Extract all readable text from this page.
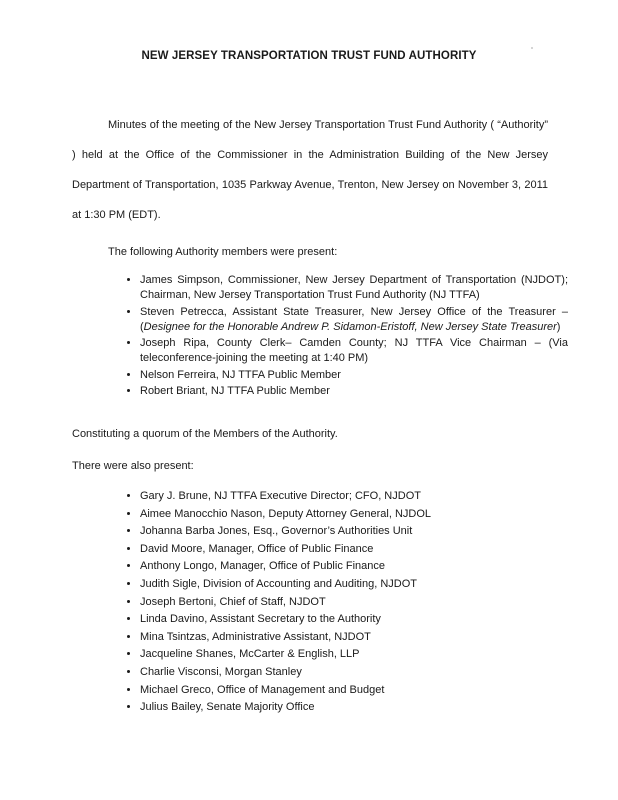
NEW JERSEY TRANSPORTATION TRUST FUND AUTHORITY

Minutes of the meeting of the New Jersey Transportation Trust Fund Authority ( “Authority” ) held at the Office of the Commissioner in the Administration Building of the New Jersey Department of Transportation, 1035 Parkway Avenue, Trenton, New Jersey on November 3, 2011 at 1:30 PM (EDT).

The following Authority members were present:

• James Simpson, Commissioner, New Jersey Department of Transportation (NJDOT); Chairman, New Jersey Transportation Trust Fund Authority (NJ TTFA)
• Steven Petrecca, Assistant State Treasurer, New Jersey Office of the Treasurer – (Designee for the Honorable Andrew P. Sidamon-Eristoff, New Jersey State Treasurer)
• Joseph Ripa, County Clerk– Camden County; NJ TTFA Vice Chairman – (Via teleconference-joining the meeting at 1:40 PM)
• Nelson Ferreira, NJ TTFA Public Member
• Robert Briant, NJ TTFA Public Member

Constituting a quorum of the Members of the Authority.

There were also present:

• Gary J. Brune, NJ TTFA Executive Director; CFO, NJDOT
• Aimee Manocchio Nason, Deputy Attorney General, NJDOL
• Johanna Barba Jones, Esq., Governor’s Authorities Unit
• David Moore, Manager, Office of Public Finance
• Anthony Longo, Manager, Office of Public Finance
• Judith Sigle, Division of Accounting and Auditing, NJDOT
• Joseph Bertoni, Chief of Staff, NJDOT
• Linda Davino, Assistant Secretary to the Authority
• Mina Tsintzas, Administrative Assistant, NJDOT
• Jacqueline Shanes, McCarter & English, LLP
• Charlie Visconsi, Morgan Stanley
• Michael Greco, Office of Management and Budget
• Julius Bailey, Senate Majority Office
